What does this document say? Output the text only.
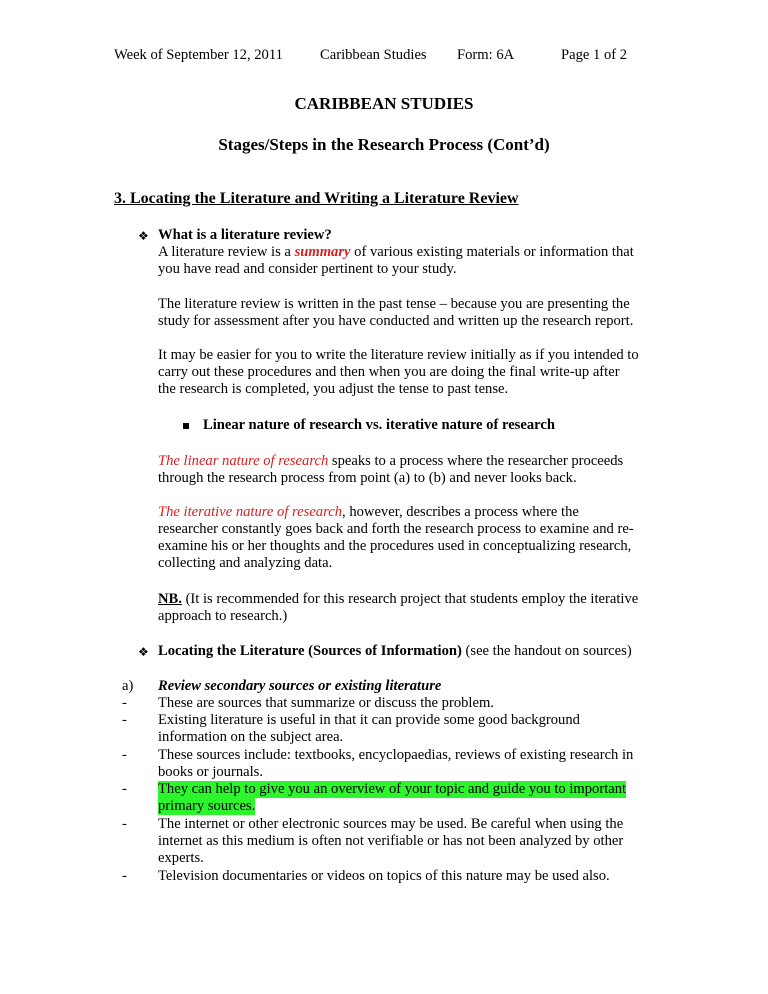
Week of September 12, 2011	Caribbean Studies Form: 6A	Page 1 of 2
CARIBBEAN STUDIES
Stages/Steps in the Research Process (Cont’d)
3. Locating the Literature and Writing a Literature Review
❖ What is a literature review?
A literature review is a summary of various existing materials or information that
you have read and consider pertinent to your study.
The literature review is written in the past tense – because you are presenting the
study for assessment after you have conducted and written up the research report.
It may be easier for you to write the literature review initially as if you intended to
carry out these procedures and then when you are doing the final write-up after
the research is completed, you adjust the tense to past tense.
Linear nature of research vs. iterative nature of research
The linear nature of research speaks to a process where the researcher proceeds
through the research process from point (a) to (b) and never looks back.
The iterative nature of research, however, describes a process where the
researcher constantly goes back and forth the research process to examine and re-
examine his or her thoughts and the procedures used in conceptualizing research,
collecting and analyzing data.
NB. (It is recommended for this research project that students employ the iterative
approach to research.)
❖ Locating the Literature (Sources of Information) (see the handout on sources)
a) Review secondary sources or existing literature
- These are sources that summarize or discuss the problem.
- Existing literature is useful in that it can provide some good background
information on the subject area.
- These sources include: textbooks, encyclopaedias, reviews of existing research in
books or journals.
- They can help to give you an overview of your topic and guide you to important
primary sources.
- The internet or other electronic sources may be used. Be careful when using the
internet as this medium is often not verifiable or has not been analyzed by other
experts.
- Television documentaries or videos on topics of this nature may be used also.
